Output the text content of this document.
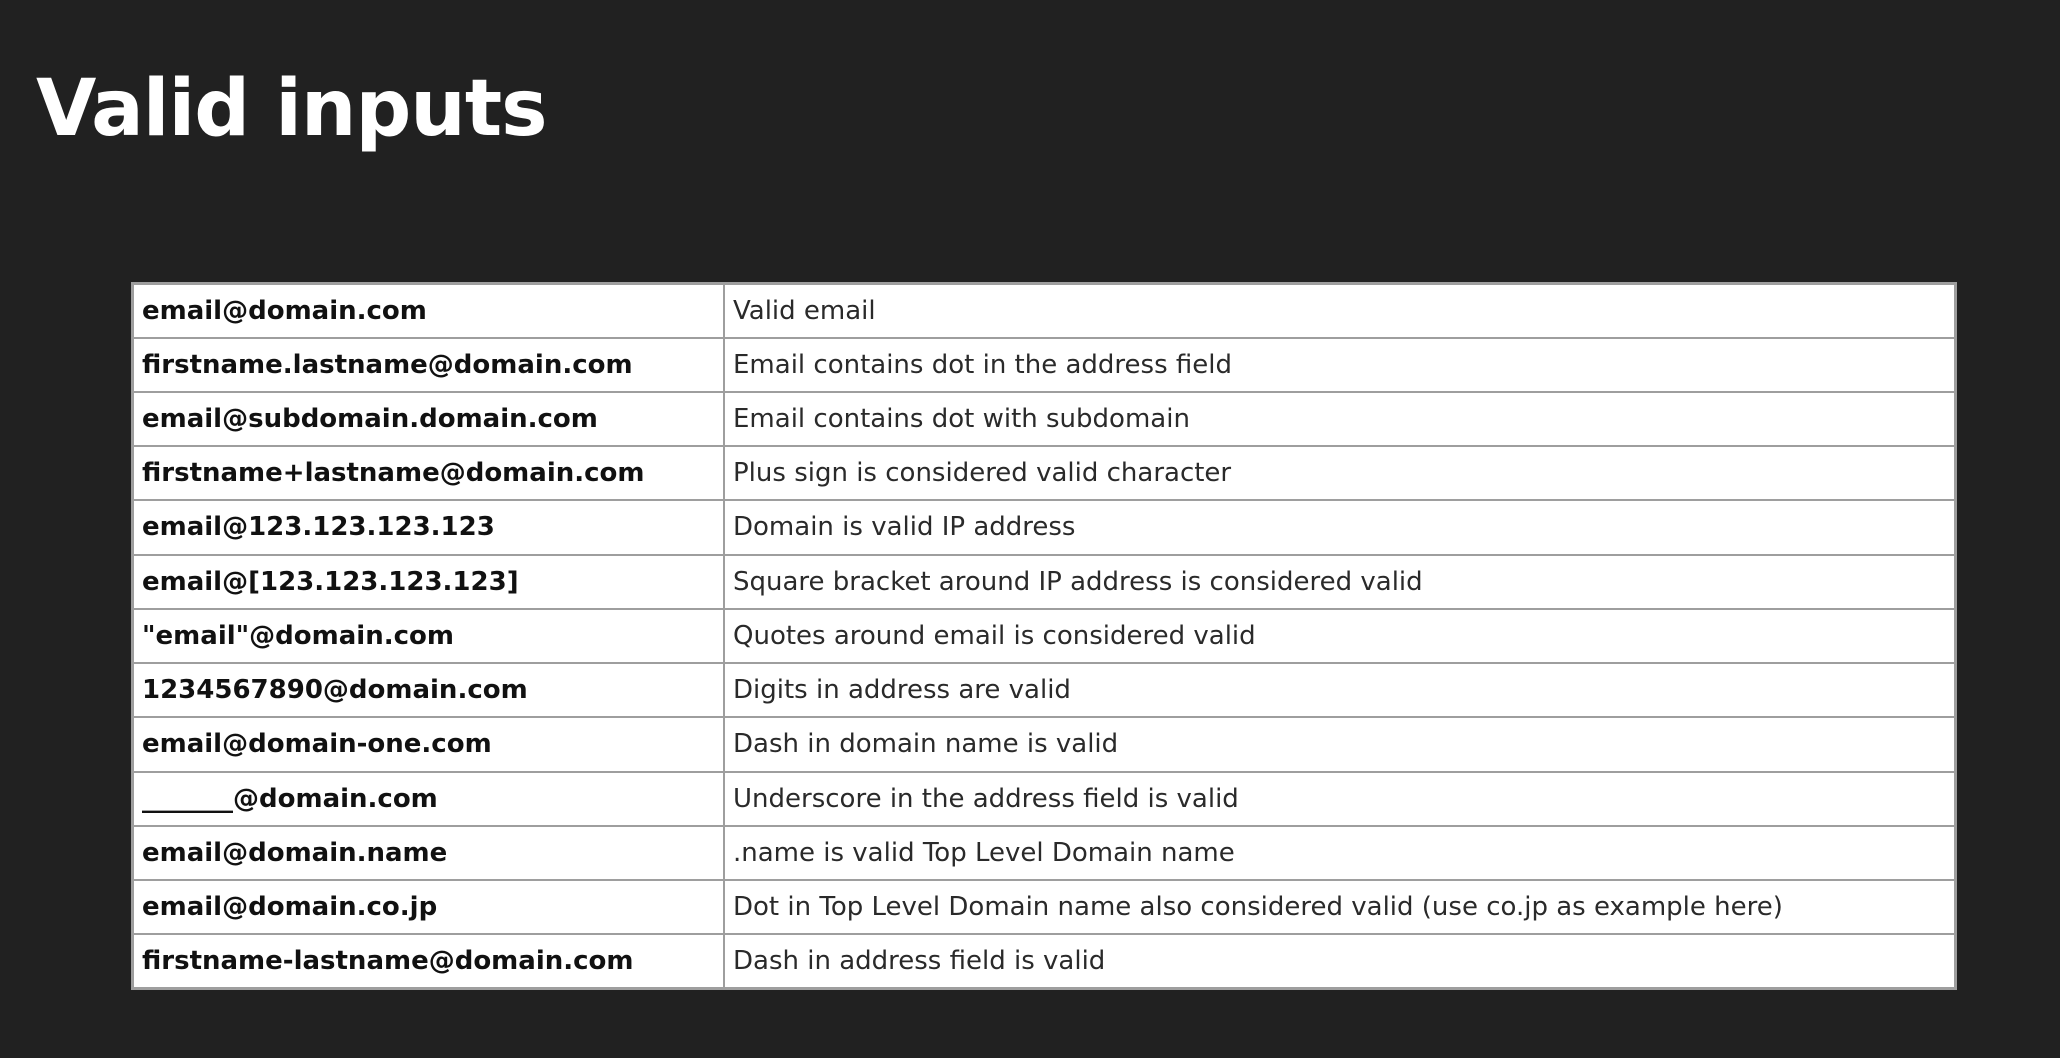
Valid inputs
email@domain.com	Valid email
firstname.lastname@domain.com	Email contains dot in the address field
email@subdomain.domain.com	Email contains dot with subdomain
firstname+lastname@domain.com	Plus sign is considered valid character
email@123.123.123.123	Domain is valid IP address
email@[123.123.123.123]	Square bracket around IP address is considered valid
"email"@domain.com	Quotes around email is considered valid
1234567890@domain.com	Digits in address are valid
email@domain-one.com	Dash in domain name is valid
_______@domain.com	Underscore in the address field is valid
email@domain.name	.name is valid Top Level Domain name
email@domain.co.jp	Dot in Top Level Domain name also considered valid (use co.jp as example here)
firstname-lastname@domain.com	Dash in address field is valid
